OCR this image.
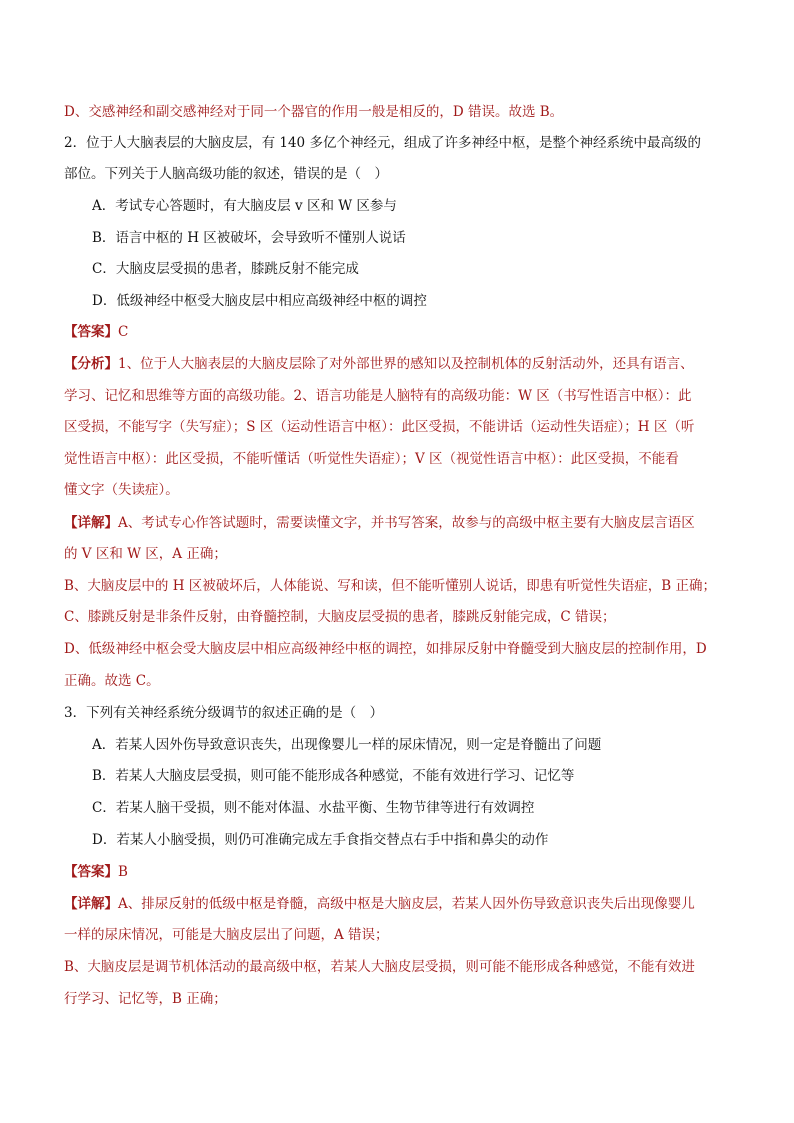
D、交感神经和副交感神经对于同一个器官的作用一般是相反的，D 错误。故选 B。
2．位于人大脑表层的大脑皮层，有 140 多亿个神经元，组成了许多神经中枢，是整个神经系统中最高级的
部位。下列关于人脑高级功能的叙述，错误的是（　）
A．考试专心答题时，有大脑皮层 v 区和 W 区参与
B．语言中枢的 H 区被破坏，会导致听不懂别人说话
C．大脑皮层受损的患者，膝跳反射不能完成
D．低级神经中枢受大脑皮层中相应高级神经中枢的调控
【答案】C
【分析】1、位于人大脑表层的大脑皮层除了对外部世界的感知以及控制机体的反射活动外，还具有语言、
学习、记忆和思维等方面的高级功能。2、语言功能是人脑特有的高级功能：W 区（书写性语言中枢）：此
区受损，不能写字（失写症）；S 区（运动性语言中枢）：此区受损，不能讲话（运动性失语症）；H 区（听
觉性语言中枢）：此区受损，不能听懂话（听觉性失语症）；V 区（视觉性语言中枢）：此区受损，不能看
懂文字（失读症）。
【详解】A、考试专心作答试题时，需要读懂文字，并书写答案，故参与的高级中枢主要有大脑皮层言语区
的 V 区和 W 区，A 正确；
B、大脑皮层中的 H 区被破坏后，人体能说、写和读，但不能听懂别人说话，即患有听觉性失语症，B 正确；
C、膝跳反射是非条件反射，由脊髓控制，大脑皮层受损的患者，膝跳反射能完成，C 错误；
D、低级神经中枢会受大脑皮层中相应高级神经中枢的调控，如排尿反射中脊髓受到大脑皮层的控制作用，D
正确。故选 C。
3．下列有关神经系统分级调节的叙述正确的是（　）
A．若某人因外伤导致意识丧失，出现像婴儿一样的尿床情况，则一定是脊髓出了问题
B．若某人大脑皮层受损，则可能不能形成各种感觉，不能有效进行学习、记忆等
C．若某人脑干受损，则不能对体温、水盐平衡、生物节律等进行有效调控
D．若某人小脑受损，则仍可准确完成左手食指交替点右手中指和鼻尖的动作
【答案】B
【详解】A、排尿反射的低级中枢是脊髓，高级中枢是大脑皮层，若某人因外伤导致意识丧失后出现像婴儿
一样的尿床情况，可能是大脑皮层出了问题，A 错误；
B、大脑皮层是调节机体活动的最高级中枢，若某人大脑皮层受损，则可能不能形成各种感觉，不能有效进
行学习、记忆等，B 正确；
